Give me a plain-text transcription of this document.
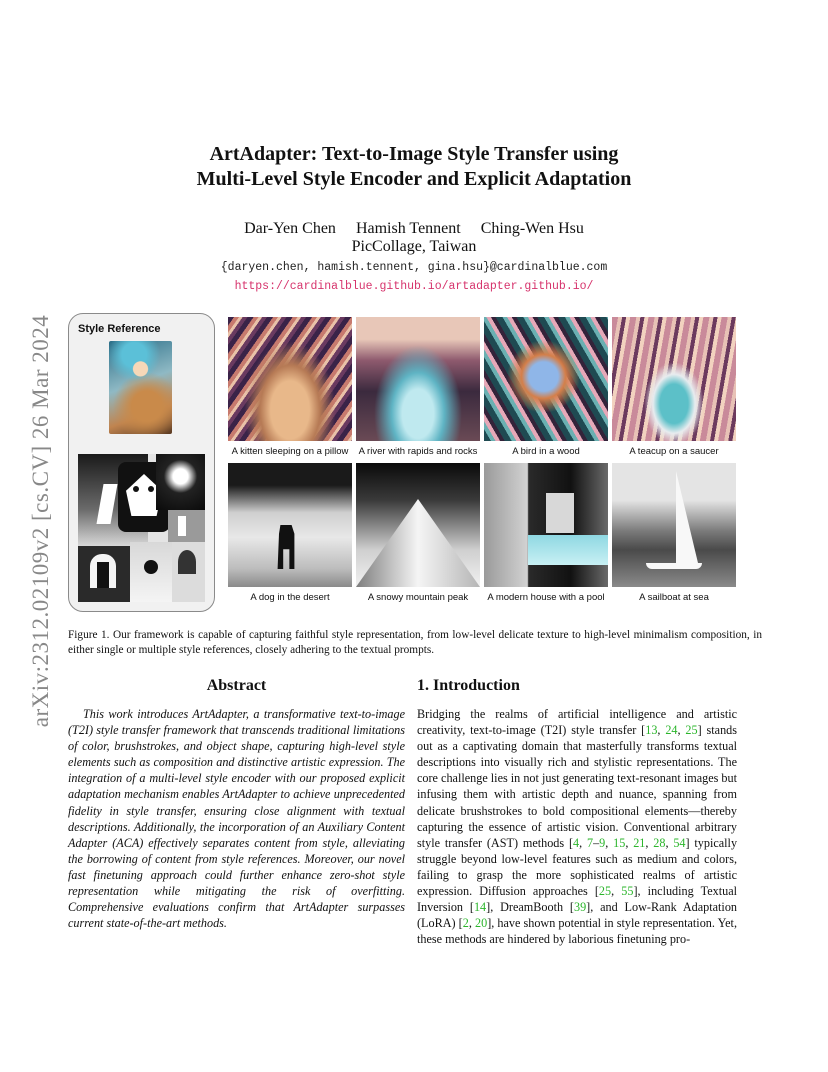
arXiv:2312.02109v2 [cs.CV] 26 Mar 2024
ArtAdapter: Text-to-Image Style Transfer using
Multi-Level Style Encoder and Explicit Adaptation
Dar-Yen Chen Hamish Tennent Ching-Wen Hsu
PicCollage, Taiwan
{daryen.chen, hamish.tennent, gina.hsu}@cardinalblue.com
https://cardinalblue.github.io/artadapter.github.io/
Style Reference
A kitten sleeping on a pillow	A river with rapids and rocks	A bird in a wood	A teacup on a saucer
A dog in the desert	A snowy mountain peak	A modern house with a pool	A sailboat at sea
Figure 1. Our framework is capable of capturing faithful style representation, from low-level delicate texture to high-level minimalism composition, in either single or multiple style references, closely adhering to the textual prompts.
Abstract
This work introduces ArtAdapter, a transformative text-to-image (T2I) style transfer framework that transcends traditional limitations of color, brushstrokes, and object shape, capturing high-level style elements such as composition and distinctive artistic expression. The integration of a multi-level style encoder with our proposed explicit adaptation mechanism enables ArtAdapter to achieve unprecedented fidelity in style transfer, ensuring close alignment with textual descriptions. Additionally, the incorporation of an Auxiliary Content Adapter (ACA) effectively separates content from style, alleviating the borrowing of content from style references. Moreover, our novel fast finetuning approach could further enhance zero-shot style representation while mitigating the risk of overfitting. Comprehensive evaluations confirm that ArtAdapter surpasses current state-of-the-art methods.
1. Introduction
Bridging the realms of artificial intelligence and artistic creativity, text-to-image (T2I) style transfer [13, 24, 25] stands out as a captivating domain that masterfully transforms textual descriptions into visually rich and stylistic representations. The core challenge lies in not just generating text-resonant images but infusing them with artistic depth and nuance, spanning from delicate brushstrokes to bold compositional elements—thereby capturing the essence of artistic vision. Conventional arbitrary style transfer (AST) methods [4, 7–9, 15, 21, 28, 54] typically struggle beyond low-level features such as medium and colors, failing to grasp the more sophisticated realms of artistic expression. Diffusion approaches [25, 55], including Textual Inversion [14], DreamBooth [39], and Low-Rank Adaptation (LoRA) [2, 20], have shown potential in style representation. Yet, these methods are hindered by laborious finetuning pro-
